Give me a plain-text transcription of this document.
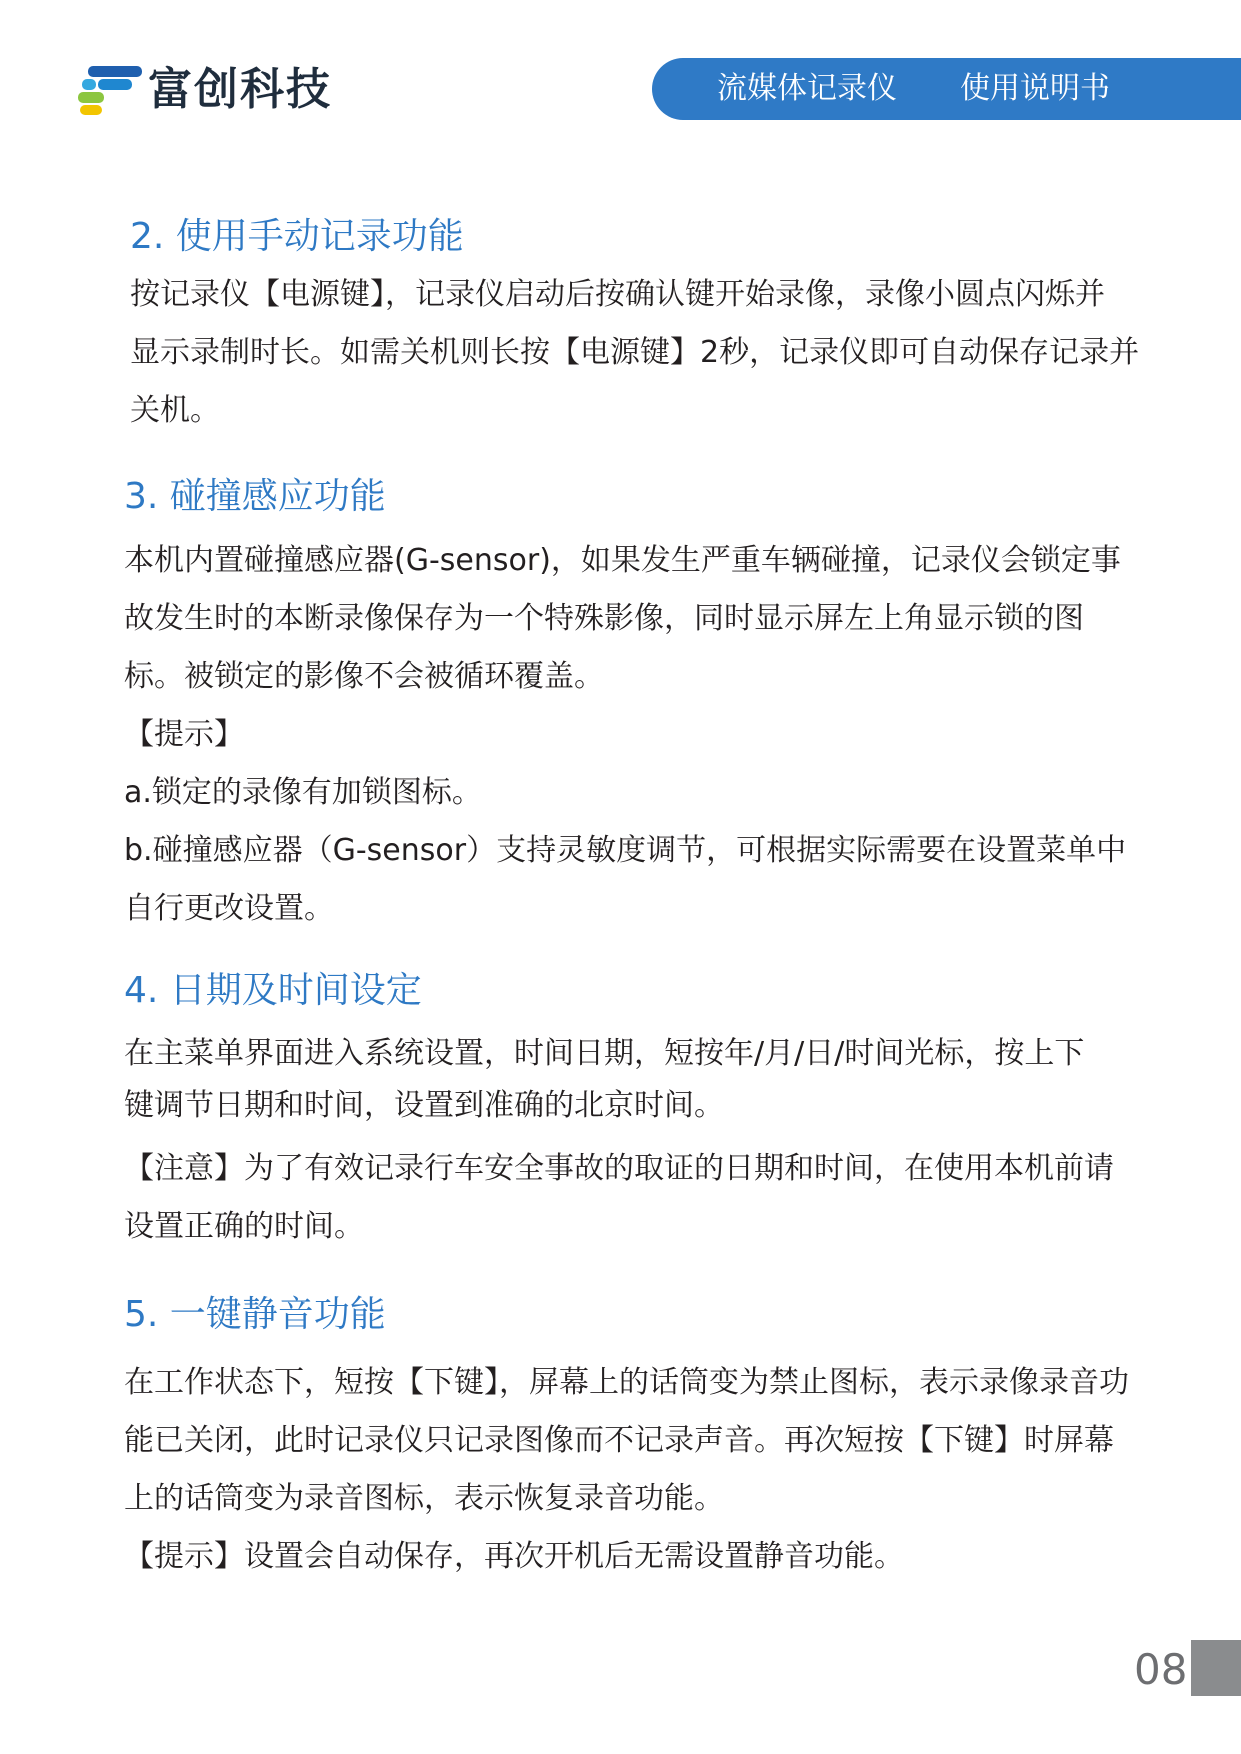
富创科技	流媒体记录仪 使用说明书
2. 使用手动记录功能
按记录仪【电源键】，记录仪启动后按确认键开始录像，录像小圆点闪烁并
显示录制时长。如需关机则长按【电源键】2秒，记录仪即可自动保存记录并
关机。
3. 碰撞感应功能
本机内置碰撞感应器(G-sensor)，如果发生严重车辆碰撞，记录仪会锁定事
故发生时的本断录像保存为一个特殊影像，同时显示屏左上角显示锁的图
标。被锁定的影像不会被循环覆盖。
【提示】
a.锁定的录像有加锁图标。
b.碰撞感应器（G-sensor）支持灵敏度调节，可根据实际需要在设置菜单中
自行更改设置。
4. 日期及时间设定
在主菜单界面进入系统设置，时间日期，短按年/月/日/时间光标，按上下
键调节日期和时间，设置到准确的北京时间。
【注意】为了有效记录行车安全事故的取证的日期和时间，在使用本机前请
设置正确的时间。
5. 一键静音功能
在工作状态下，短按【下键】，屏幕上的话筒变为禁止图标，表示录像录音功
能已关闭，此时记录仪只记录图像而不记录声音。再次短按【下键】时屏幕
上的话筒变为录音图标，表示恢复录音功能。
【提示】设置会自动保存，再次开机后无需设置静音功能。
08
